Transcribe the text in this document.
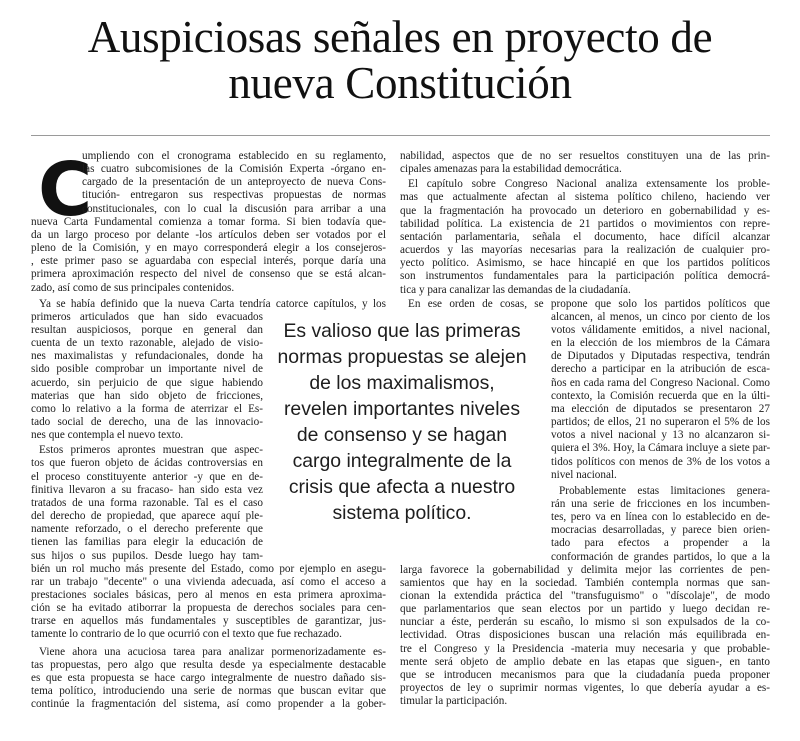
Auspiciosas señales en proyecto de
nueva Constitución
C
umpliendo con el cronograma establecido en su reglamento,
las cuatro subcomisiones de la Comisión Experta -órgano en-
cargado de la presentación de un anteproyecto de nueva Cons-
titución- entregaron sus respectivas propuestas de normas
constitucionales, con lo cual la discusión para arribar a una
nueva Carta Fundamental comienza a tomar forma. Si bien todavía que-
da un largo proceso por delante -los artículos deben ser votados por el
pleno de la Comisión, y en mayo corresponderá elegir a los consejeros-
, este primer paso se aguardaba con especial interés, porque daría una
primera aproximación respecto del nivel de consenso que se está alcan-
zado, así como de sus principales contenidos.
Ya se había definido que la nueva Carta tendría catorce capítulos, y los
primeros articulados que han sido evacuados
resultan auspiciosos, porque en general dan
cuenta de un texto razonable, alejado de visio-
nes maximalistas y refundacionales, donde ha
sido posible comprobar un importante nivel de
acuerdo, sin perjuicio de que sigue habiendo
materias que han sido objeto de fricciones,
como lo relativo a la forma de aterrizar el Es-
tado social de derecho, una de las innovacio-
nes que contempla el nuevo texto.
Estos primeros aprontes muestran que aspec-
tos que fueron objeto de ácidas controversias en
el proceso constituyente anterior -y que en de-
finitiva llevaron a su fracaso- han sido esta vez
tratados de una forma razonable. Tal es el caso
del derecho de propiedad, que aparece aquí ple-
namente reforzado, o el derecho preferente que
tienen las familias para elegir la educación de
sus hijos o sus pupilos. Desde luego hay tam-
bién un rol mucho más presente del Estado, como por ejemplo en asegu-
rar un trabajo "decente" o una vivienda adecuada, así como el acceso a
prestaciones sociales básicas, pero al menos en esta primera aproxima-
ción se ha evitado atiborrar la propuesta de derechos sociales para cen-
trarse en aquellos más fundamentales y susceptibles de garantizar, jus-
tamente lo contrario de lo que ocurrió con el texto que fue rechazado.
Viene ahora una acuciosa tarea para analizar pormenorizadamente es-
tas propuestas, pero algo que resulta desde ya especialmente destacable
es que esta propuesta se hace cargo integralmente de nuestro dañado sis-
tema político, introduciendo una serie de normas que buscan evitar que
continúe la fragmentación del sistema, así como propender a la gober-
nabilidad, aspectos que de no ser resueltos constituyen una de las prin-
cipales amenazas para la estabilidad democrática.
El capítulo sobre Congreso Nacional analiza extensamente los proble-
mas que actualmente afectan al sistema político chileno, haciendo ver
que la fragmentación ha provocado un deterioro en gobernabilidad y es-
tabilidad política. La existencia de 21 partidos o movimientos con repre-
sentación parlamentaria, señala el documento, hace difícil alcanzar
acuerdos y las mayorías necesarias para la realización de cualquier pro-
yecto político. Asimismo, se hace hincapié en que los partidos políticos
son instrumentos fundamentales para la participación política democrá-
tica y para canalizar las demandas de la ciudadanía.
En ese orden de cosas, se propone que solo los partidos políticos que
alcancen, al menos, un cinco por ciento de los
votos válidamente emitidos, a nivel nacional,
en la elección de los miembros de la Cámara
de Diputados y Diputadas respectiva, tendrán
derecho a participar en la atribución de esca-
ños en cada rama del Congreso Nacional. Como
contexto, la Comisión recuerda que en la últi-
ma elección de diputados se presentaron 27
partidos; de ellos, 21 no superaron el 5% de los
votos a nivel nacional y 13 no alcanzaron si-
quiera el 3%. Hoy, la Cámara incluye a siete par-
tidos políticos con menos de 3% de los votos a
nivel nacional.
Probablemente estas limitaciones genera-
rán una serie de fricciones en los incumben-
tes, pero va en línea con lo establecido en de-
mocracias desarrolladas, y parece bien orien-
tado para efectos a propender a la
conformación de grandes partidos, lo que a la
larga favorece la gobernabilidad y delimita mejor las corrientes de pen-
samientos que hay en la sociedad. También contempla normas que san-
cionan la extendida práctica del "transfuguismo" o "díscolaje", de modo
que parlamentarios que sean electos por un partido y luego decidan re-
nunciar a éste, perderán su escaño, lo mismo si son expulsados de la co-
lectividad. Otras disposiciones buscan una relación más equilibrada en-
tre el Congreso y la Presidencia -materia muy necesaria y que probable-
mente será objeto de amplio debate en las etapas que siguen-, en tanto
que se introducen mecanismos para que la ciudadanía pueda proponer
proyectos de ley o suprimir normas vigentes, lo que debería ayudar a es-
timular la participación.
Es valioso que las primeras
normas propuestas se alejen
de los maximalismos,
revelen importantes niveles
de consenso y se hagan
cargo integralmente de la
crisis que afecta a nuestro
sistema político.
